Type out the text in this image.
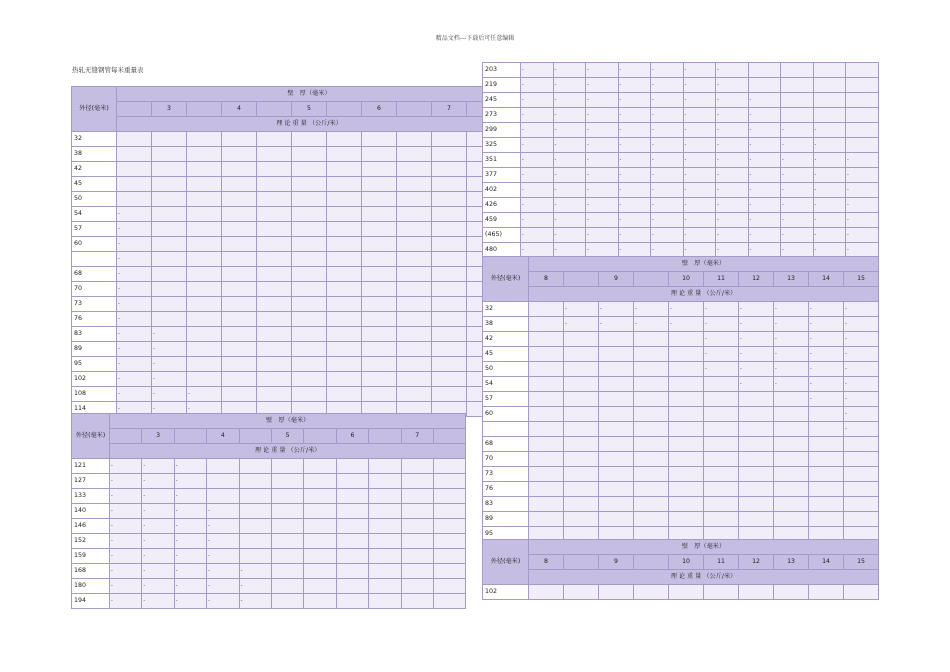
精品文档---下载后可任意编辑
热轧无缝钢管每米重量表
外径(毫米)	壁　厚（毫米）										
		3		4		5		6		7	
	理 论 重 量 （公斤/米）										
32											
38											
42											
45											
50											
54	-										
57	-										
60	-										
	-										
68	-										
70	-										
73	-										
76	-										
83	-	-									
89	-	-									
95	-	-									
102	-	-									
108	-	-	-								
114	-	-	-								
外径(毫米)	壁　厚（毫米）										
		3		4		5		6		7	
	理 论 重 量 （公斤/米）										
121	-	-	-								
127	-	-	-								
133	-	-	-								
140	-	-	-	-							
146	-	-	-	-							
152	-	-	-	-							
159	-	-	-	-							
168	-	-	-	-	-						
180	-	-	-	-	-						
194	-	-	-	-	-						
203	-	-	-	-	-	-	-				
219	-	-	-	-	-	-	-				
245	-	-	-	-	-	-	-	-			
273	-	-	-	-	-	-	-	-			
299	-	-	-	-	-	-	-	-	-	-	
325	-	-	-	-	-	-	-	-	-	-	
351	-	-	-	-	-	-	-	-	-	-	-
377	-	-	-	-	-	-	-	-	-	-	-
402	-	-	-	-	-	-	-	-	-	-	-
426	-	-	-	-	-	-	-	-	-	-	-
459	-	-	-	-	-	-	-	-	-	-	-
(465)	-	-	-	-	-	-	-	-	-	-	-
480	-	-	-	-	-	-	-	-	-	-	-
外径(毫米)	壁　厚（毫米）									
	8		9		10	11	12	13	14	15
	理 论 重 量 （公斤/米）									
32		-	-	-	-	-	-	-	-	-
38		-	-	-	-	-	-	-	-	-
42						-	-	-	-	-
45						-	-	-	-	-
50						-	-	-	-	-
54							-	-	-	-
57									-	-
60										-
										-
68										
70										
73										
76										
83										
89										
95										
外径(毫米)	壁　厚（毫米）									
	8		9		10	11	12	13	14	15
	理 论 重 量 （公斤/米）									
102										
